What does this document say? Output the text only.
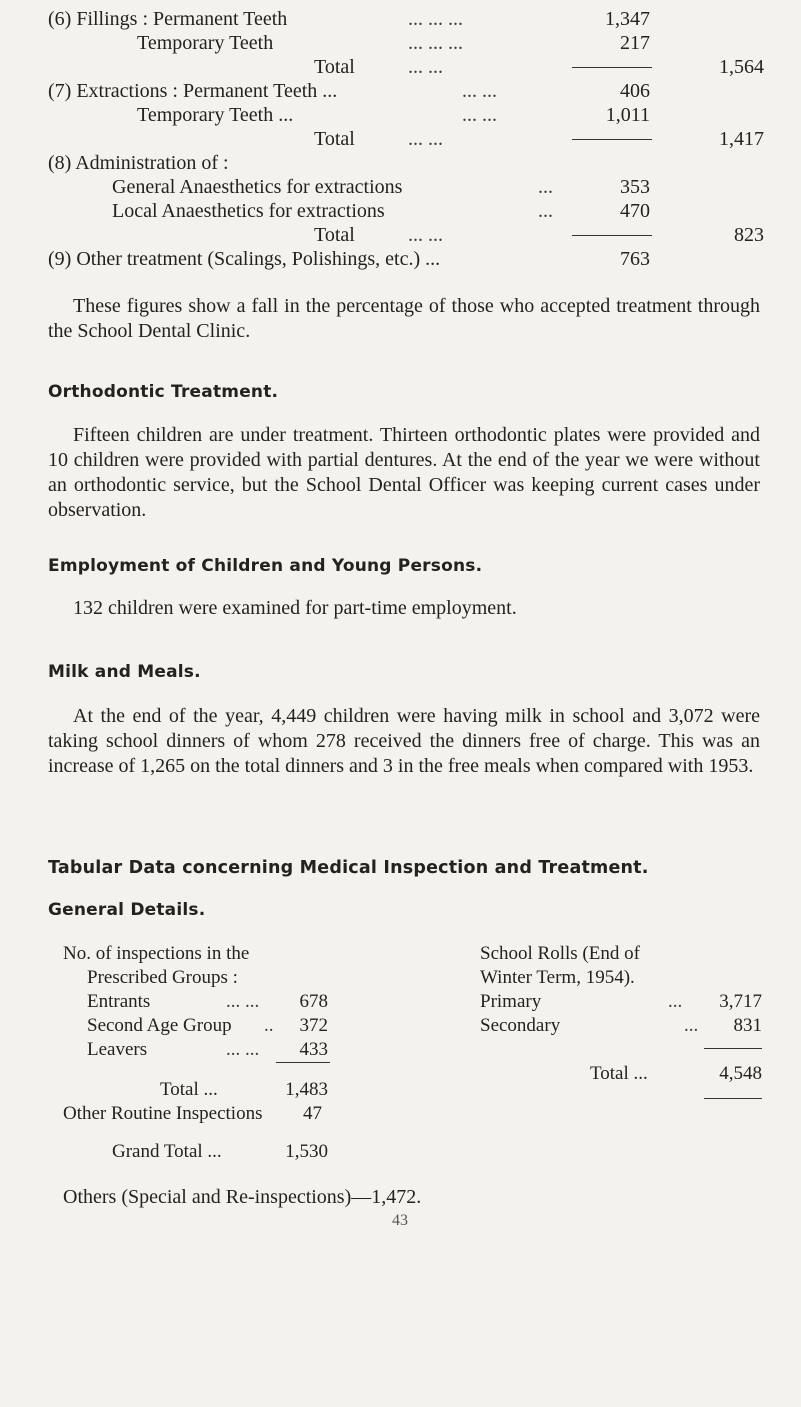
(6) Fillings : Permanent Teeth	... ... ...	1,347
Temporary Teeth	... ... ...	217
Total	... ...	1,564
(7) Extractions : Permanent Teeth ...	... ...	406
Temporary Teeth ...	... ...	1,011
Total	... ...	1,417
(8) Administration of :
General Anaesthetics for extractions	...	353
Local Anaesthetics for extractions	...	470
Total	... ...	823
(9) Other treatment (Scalings, Polishings, etc.) ...	763
These figures show a fall in the percentage of those who accepted treatment through the School Dental Clinic.
Orthodontic Treatment.
Fifteen children are under treatment. Thirteen orthodontic plates were provided and 10 children were provided with partial dentures. At the end of the year we were without an orthodontic service, but the School Dental Officer was keeping current cases under observation.
Employment of Children and Young Persons.
132 children were examined for part-time employment.
Milk and Meals.
At the end of the year, 4,449 children were having milk in school and 3,072 were taking school dinners of whom 278 received the dinners free of charge. This was an increase of 1,265 on the total dinners and 3 in the free meals when compared with 1953.
Tabular Data concerning Medical Inspection and Treatment.
General Details.
No. of inspections in the
Prescribed Groups :
Entrants	... ...	678
Second Age Group ..	372
Leavers	... ...	433
Total ...	1,483
Other Routine Inspections	47
Grand Total ...	1,530
School Rolls (End of
Winter Term, 1954).
Primary	...	3,717
Secondary	...	831
Total ...	4,548
Others (Special and Re-inspections)—1,472.
43
